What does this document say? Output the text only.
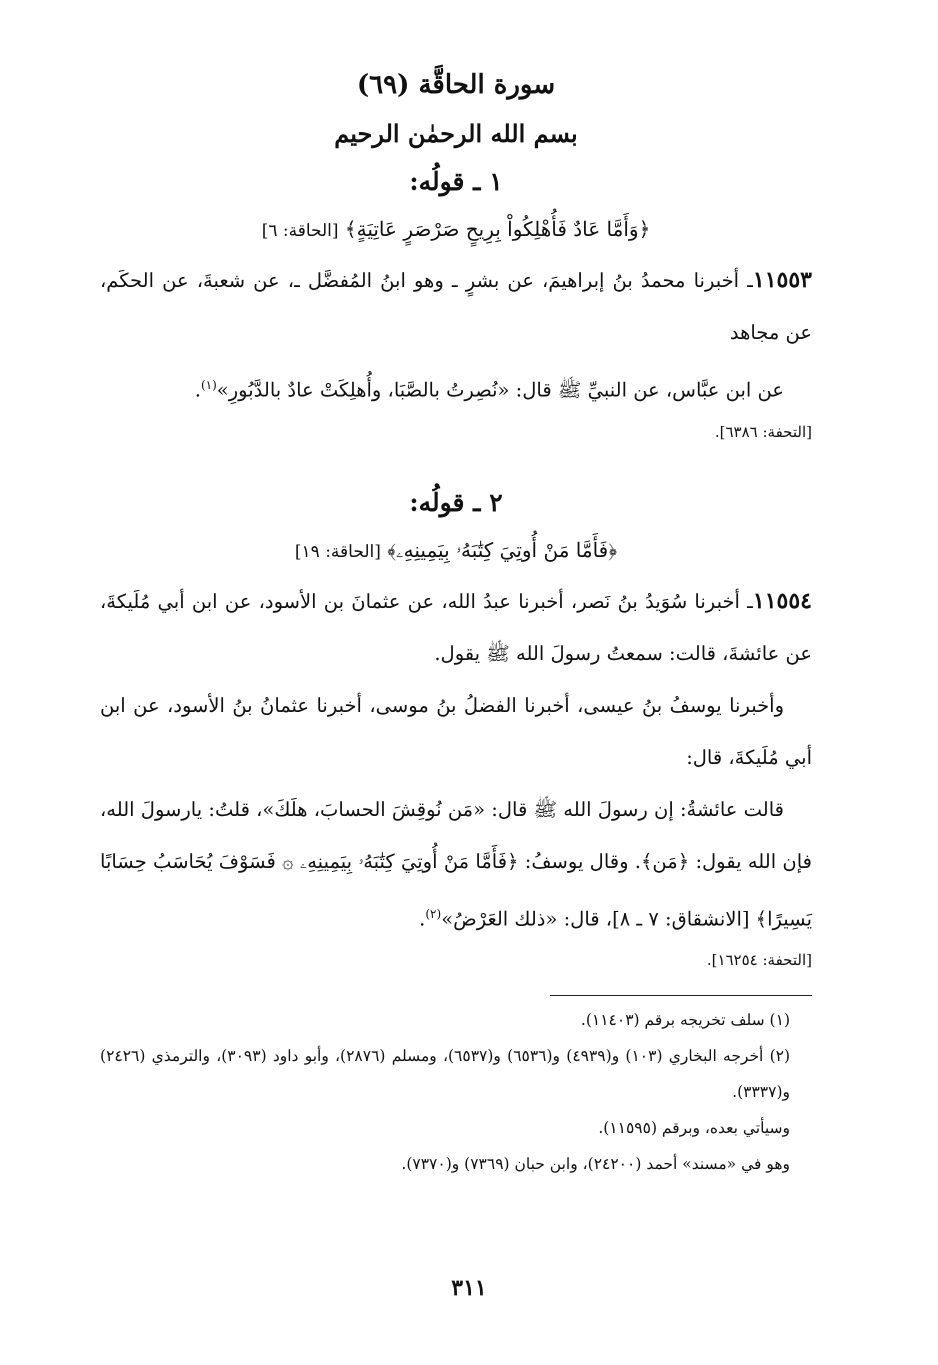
سورة الحاقَّة (٦٩)
بسم الله الرحمٰن الرحيم
١ ـ قولُه:
﴿وَأَمَّا عَادٌ فَأُهْلِكُواْ بِرِيحٍ صَرْصَرٍ عَاتِيَةٍ﴾ [الحاقة: ٦]

١١٥٥٣ـ أخبرنا محمدُ بنُ إبراهيمَ، عن بشرٍ ـ وهو ابنُ المُفضَّل ـ، عن شعبةَ، عن الحكَم، عن مجاهد

عن ابن عبَّاس، عن النبيِّ ﷺ قال: «نُصِرتُ بالصَّبَا، وأُهلِكَتْ عادٌ بالدَّبُورِ»$^{(١)}$.

[التحفة: ٦٣٨٦].
٢ ـ قولُه:
﴿فَأَمَّا مَنْ أُوتِيَ كِتَٰبَهُۥ بِيَمِينِهِۦ﴾ [الحاقة: ١٩]

١١٥٥٤ـ أخبرنا سُوَيدُ بنُ نَصر، أخبرنا عبدُ الله، عن عثمانَ بن الأسود، عن ابن أبي مُلَيكةَ، عن عائشةَ، قالت: سمعتُ رسولَ الله ﷺ يقول.

وأخبرنا يوسفُ بنُ عيسى، أخبرنا الفضلُ بنُ موسى، أخبرنا عثمانُ بنُ الأسود، عن ابن أبي مُلَيكةَ، قال:

قالت عائشةُ: إن رسولَ الله ﷺ قال: «مَن نُوقِشَ الحسابَ، هلَكَ»، قلتُ: يارسولَ الله، فإن الله يقول: ﴿مَن﴾. وقال يوسفُ: ﴿فَأَمَّا مَنْ أُوتِيَ كِتَٰبَهُۥ بِيَمِينِهِۦ ۞ فَسَوْفَ يُحَاسَبُ حِسَابًا يَسِيرًا﴾ [الانشقاق: ٧ ـ ٨]، قال: «ذلك العَرْضُ»$^{(٢)}$.

[التحفة: ١٦٢٥٤].

(١) سلف تخريجه برقم (١١٤٠٣).

(٢) أخرجه البخاري (١٠٣) و(٤٩٣٩) و(٦٥٣٦) و(٦٥٣٧)، ومسلم (٢٨٧٦)، وأبو داود (٣٠٩٣)، والترمذي (٢٤٢٦) و(٣٣٣٧).

وسيأتي بعده، وبرقم (١١٥٩٥).

وهو في «مسند» أحمد (٢٤٢٠٠)، وابن حبان (٧٣٦٩) و(٧٣٧٠).

٣١١
